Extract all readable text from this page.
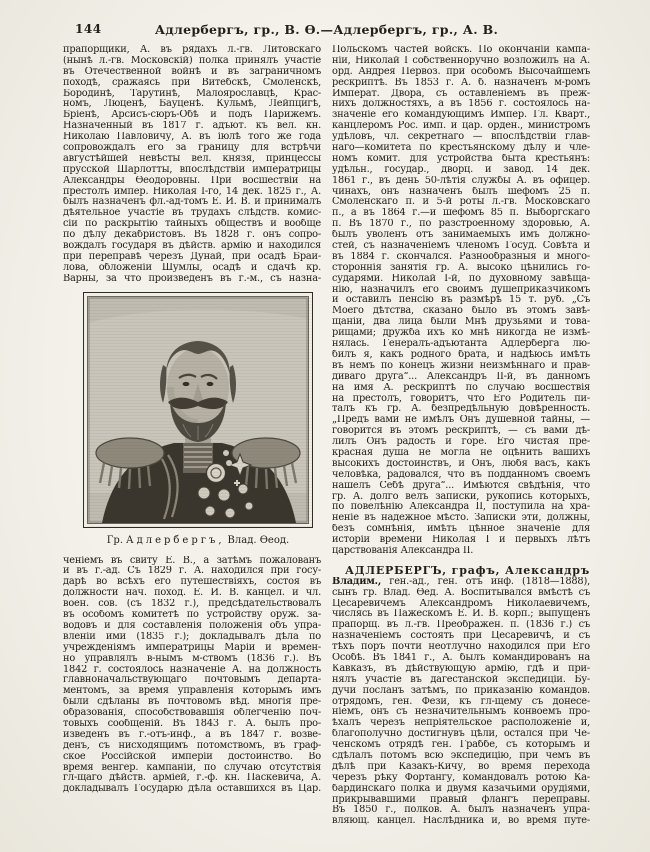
144	Адлербергъ, гр., В. Ѳ.—Адлербергъ, гр., А. В.
прапорщики, А. въ рядахъ л.-гв. Литовскаго
(нынѣ л.-гв. Московскій) полка принялъ участіе
въ Отечественной войнѣ и въ заграничномъ
походѣ, сражаясь при Витебскѣ, Смоленскѣ,
Бородинѣ, Тарутинѣ, Малоярославцѣ, Крас-
номъ, Люценѣ, Бауценѣ. Кульмѣ, Лейпцигѣ,
Бріенѣ, Арсисъ-сюръ-Обѣ и подъ Парижемъ.
Назначенный въ 1817 г. адъют. къ вел. кн.
Николаю Павловичу, А. въ іюлѣ того же года
сопровождалъ его за границу для встрѣчи
августѣйшей невѣсты вел. князя, принцессы
прусской Шарлотты, впослѣдствіи императрицы
Александры Ѳеодоровны. При восшествіи на
престолъ импер. Николая I-го, 14 дек. 1825 г., А.
былъ назначенъ фл.-ад-томъ Е. И. В. и принималъ
дѣятельное участіе въ трудахъ слѣдств. комис-
сіи по раскрытію тайныхъ обществъ и вообще
по дѣлу декабристовъ. Въ 1828 г. онъ сопро-
вождалъ государя въ дѣйств. армію и находился
при переправѣ черезъ Дунай, при осадѣ Браи-
лова, обложеніи Шумлы, осадѣ и сдачѣ кр.
Варны, за что произведенъ въ г.-м., съ назна-
Гр. Адлербергъ, Влад. Ѳеод.
ченіемъ въ свиту Е. В., а затѣмъ пожалованъ
и въ г.-ад. Съ 1829 г. А. находился при госу-
дарѣ во всѣхъ его путешествіяхъ, состоя въ
должности нач. поход. Е. И. В. канцел. и чл.
воен. сов. (съ 1832 г.), предсѣдательствовалъ
въ особомъ комитетѣ по устройству оруж. за-
водовъ и для составленія положенія объ упра-
вленіи ими (1835 г.); докладывалъ дѣла по
учрежденіямъ императрицы Маріи и времен-
но управлялъ в-нымъ м-ствомъ (1836 г.). Въ
1842 г. состоялось назначеніе А. на должность
главноначальствующаго почтовымъ департа-
ментомъ, за время управленія которымъ имъ
были сдѣланы въ почтовомъ вѣд. многія пре-
образованія, способствовавшія облегченію поч-
товыхъ сообщеній. Въ 1843 г. А. былъ про-
изведенъ въ г.-отъ-инф., а въ 1847 г. возве-
денъ, съ нисходящимъ потомствомъ, въ граф-
ское Россійской имперіи достоинство. Во
время венгер. кампаніи, по случаю отсутствія
гл-щаго дѣйств. арміей, г.-ф. кн. Паскевича, А.
докладывалъ Государю дѣла оставшихся въ Цар.
Польскомъ частей войскъ. По окончаніи кампа-
ніи, Николай I собственноручно возложилъ на А.
орд. Андрея Первоз. при особомъ Высочайшемъ
рескриптѣ. Въ 1853 г. А. б. назначенъ м-ромъ
Императ. Двора, съ оставленіемъ въ преж-
нихъ должностяхъ, а въ 1856 г. состоялось на-
значеніе его командующимъ Импер. Гл. Кварт.,
канцлеромъ Рос. имп. и цар. орден., министромъ
удѣловъ, чл. секретнаго — впослѣдствіи глав-
наго—комитета по крестьянскому дѣлу и чле-
номъ комит. для устройства быта крестьянъ:
удѣльн., государ., дворц. и завод. 14 дек.
1861 г., въ день 50-лѣтія службы А. въ офицер.
чинахъ, онъ назначенъ былъ шефомъ 25 п.
Смоленскаго п. и 5-й роты л.-гв. Московскаго
п., а въ 1864 г.—и шефомъ 85 п. Выборгскаго
п. Въ 1870 г., по разстроенному здоровью, А.
былъ уволенъ отъ занимаемыхъ имъ должно-
стей, съ назначеніемъ членомъ Госуд. Совѣта и
въ 1884 г. скончался. Разнообразныя и много-
стороннія занятія гр. А. высоко цѣнились го-
сударями. Николай I-й, по духовному завѣща-
нію, назначилъ его своимъ душеприказчикомъ
и оставилъ пенсію въ размѣрѣ 15 т. руб. „Съ
Моего дѣтства, сказано было въ этомъ завѣ-
щаніи, два лица были Мнѣ друзьями и това-
рищами; дружба ихъ ко мнѣ никогда не измѣ-
нялась. Генералъ-адъютанта Адлерберга лю-
билъ я, какъ родного брата, и надѣюсь имѣть
въ немъ по конецъ жизни неизмѣннаго и прав-
диваго друга“... Александръ II-й, въ данномъ
на имя А. рескриптѣ по случаю восшествія
на престолъ, говоритъ, что Его Родитель пи-
талъ къ гр. А. безпредѣльную довѣренность.
„Предъ вами не имѣлъ Онъ душевной тайны, —
говорится въ этомъ рескриптѣ, — съ вами дѣ-
лилъ Онъ радость и горе. Его чистая пре-
красная душа не могла не оцѣнить вашихъ
высокихъ достоинствъ, и Онъ, любя васъ, какъ
человѣка, радовался, что въ подданномъ своемъ
нашелъ Себѣ друга“... Имѣются свѣдѣнія, что
гр. А. долго велъ записки, рукопись которыхъ,
по повелѣнію Александра II, поступила на хра-
неніе въ надежное мѣсто. Записки эти, должны,
безъ сомнѣнія, имѣть цѣнное значеніе для
исторіи времени Николая I и первыхъ лѣтъ
царствованія Александра II.
АДЛЕРБЕРГЪ, графъ, Александръ
Владим., ген.-ад., ген. отъ инф. (1818—1888),
сынъ гр. Влад. Ѳед. А. Воспитывался вмѣстѣ съ
Цесаревичемъ Александромъ Николаевичемъ,
числясь въ Пажескомъ Е. И. В. корп.; выпущенъ
прапорщ. въ л.-гв. Преображен. п. (1836 г.) съ
назначеніемъ состоять при Цесаревичѣ, и съ
тѣхъ поръ почти неотлучно находился при Его
Особѣ. Въ 1841 г., А. былъ командированъ на
Кавказъ, въ дѣйствующую армію, гдѣ и при-
нялъ участіе въ дагестанской экспедиціи. Бу-
дучи посланъ затѣмъ, по приказанію командов.
отрядомъ, ген. Фези, къ гл-щему съ донесе-
ніемъ, онъ съ незначительнымъ конвоемъ про-
ѣхалъ черезъ непріятельское расположеніе и,
благополучно достигнувъ цѣли, остался при Че-
ченскомъ отрядѣ ген. Граббе, съ которымъ и
сдѣлалъ потомъ всю экспедицію, при чемъ въ
дѣлѣ при Казакъ-Кичу, во время перехода
черезъ рѣку Фортангу, командовалъ ротою Ка-
бардинскаго полка и двумя казачьими орудіями,
прикрывавшими правый флангъ переправы.
Въ 1850 г., полков. А. былъ назначенъ упра-
вляющ. канцел. Наслѣдника и, во время путе-
